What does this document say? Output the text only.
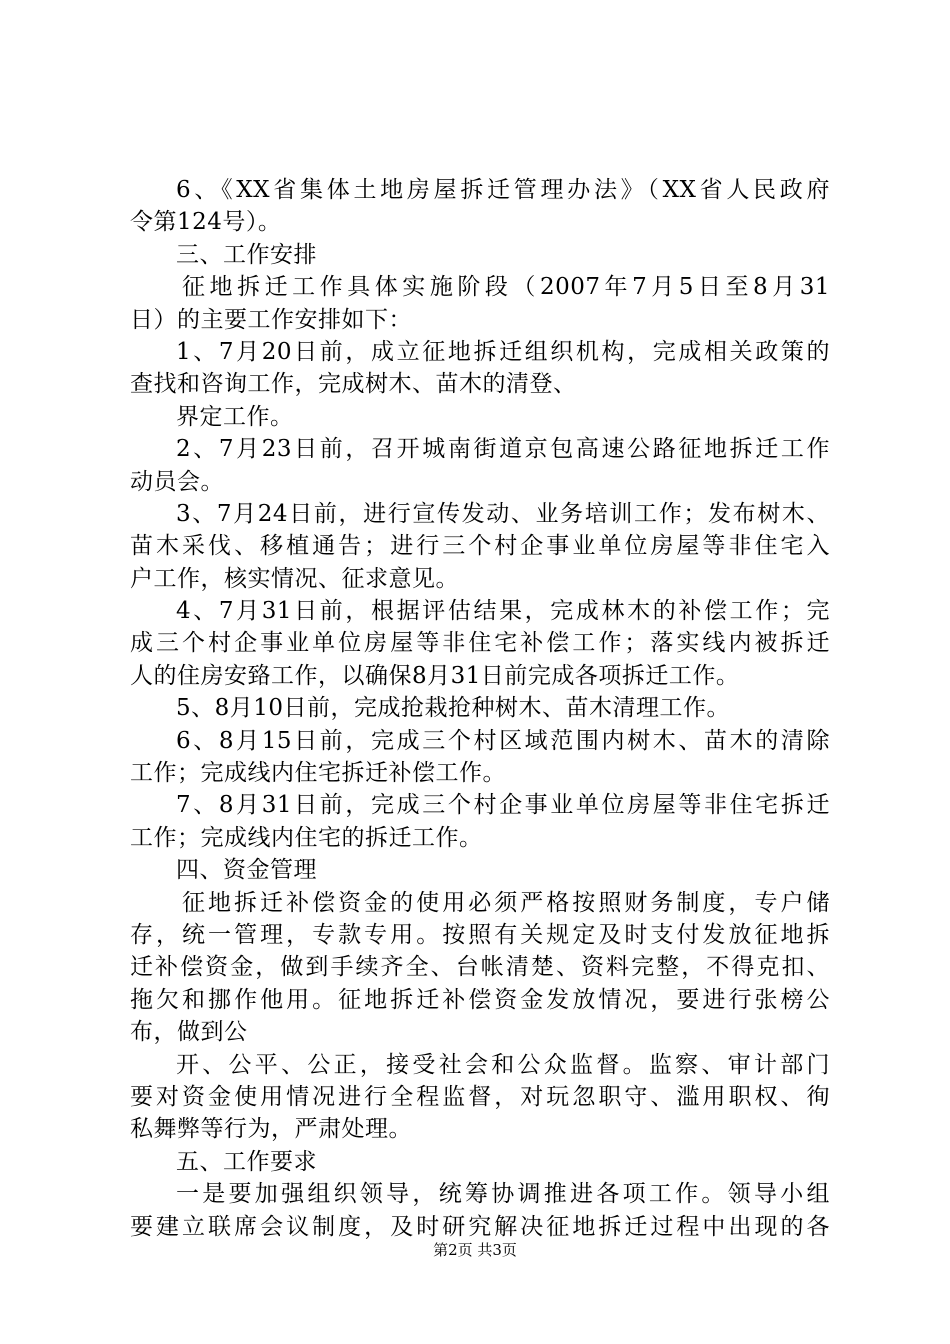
6、《XX省集体土地房屋拆迁管理办法》（XX省人民政府
令第124号）。
三、工作安排
征地拆迁工作具体实施阶段（2007年7月5日至8月31
日）的主要工作安排如下：
1、7月20日前，成立征地拆迁组织机构，完成相关政策的
查找和咨询工作，完成树木、苗木的清登、
界定工作。
2、7月23日前，召开城南街道京包高速公路征地拆迁工作
动员会。
3、7月24日前，进行宣传发动、业务培训工作；发布树木、
苗木采伐、移植通告；进行三个村企事业单位房屋等非住宅入
户工作，核实情况、征求意见。
4、7月31日前，根据评估结果，完成林木的补偿工作；完
成三个村企事业单位房屋等非住宅补偿工作；落实线内被拆迁
人的住房安臵工作，以确保8月31日前完成各项拆迁工作。
5、8月10日前，完成抢栽抢种树木、苗木清理工作。
6、8月15日前，完成三个村区域范围内树木、苗木的清除
工作；完成线内住宅拆迁补偿工作。
7、8月31日前，完成三个村企事业单位房屋等非住宅拆迁
工作；完成线内住宅的拆迁工作。
四、资金管理
征地拆迁补偿资金的使用必须严格按照财务制度，专户储
存，统一管理，专款专用。按照有关规定及时支付发放征地拆
迁补偿资金，做到手续齐全、台帐清楚、资料完整，不得克扣、
拖欠和挪作他用。征地拆迁补偿资金发放情况，要进行张榜公
布，做到公
开、公平、公正，接受社会和公众监督。监察、审计部门
要对资金使用情况进行全程监督，对玩忽职守、滥用职权、徇
私舞弊等行为，严肃处理。
五、工作要求
一是要加强组织领导，统筹协调推进各项工作。领导小组
要建立联席会议制度，及时研究解决征地拆迁过程中出现的各
第2页 共3页
